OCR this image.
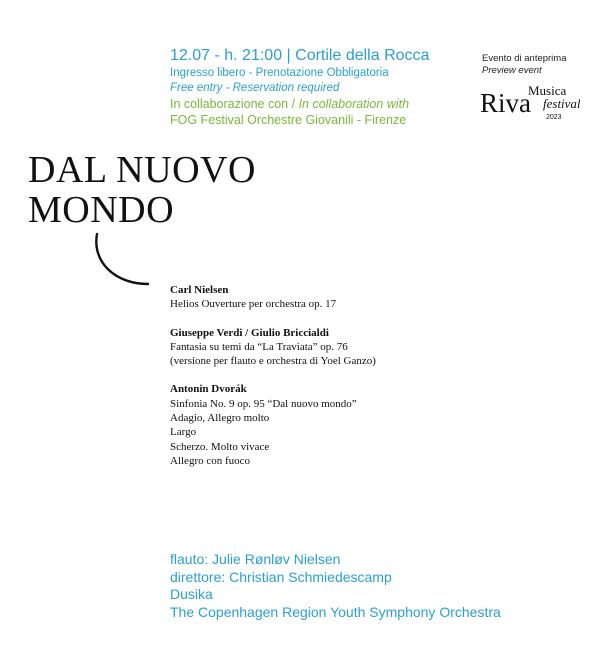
12.07 - h. 21:00 | Cortile della Rocca
Ingresso libero - Prenotazione Obbligatoria
Free entry - Reservation required
In collaborazione con / In collaboration with
FOG Festival Orchestre Giovanili - Firenze
Evento di anteprima
Preview event
Musica
Riva festival
2023
DAL NUOVO
MONDO
Carl Nielsen
Helios Ouverture per orchestra op. 17
Giuseppe Verdi / Giulio Briccialdi
Fantasia su temi da “La Traviata” op. 76
(versione per flauto e orchestra di Yoel Ganzo)
Antonin Dvorák
Sinfonia No. 9 op. 95 “Dal nuovo mondo”
Adagio, Allegro molto
Largo
Scherzo. Molto vivace
Allegro con fuoco
flauto: Julie Rønløv Nielsen
direttore: Christian Schmiedescamp
Dusika
The Copenhagen Region Youth Symphony Orchestra
